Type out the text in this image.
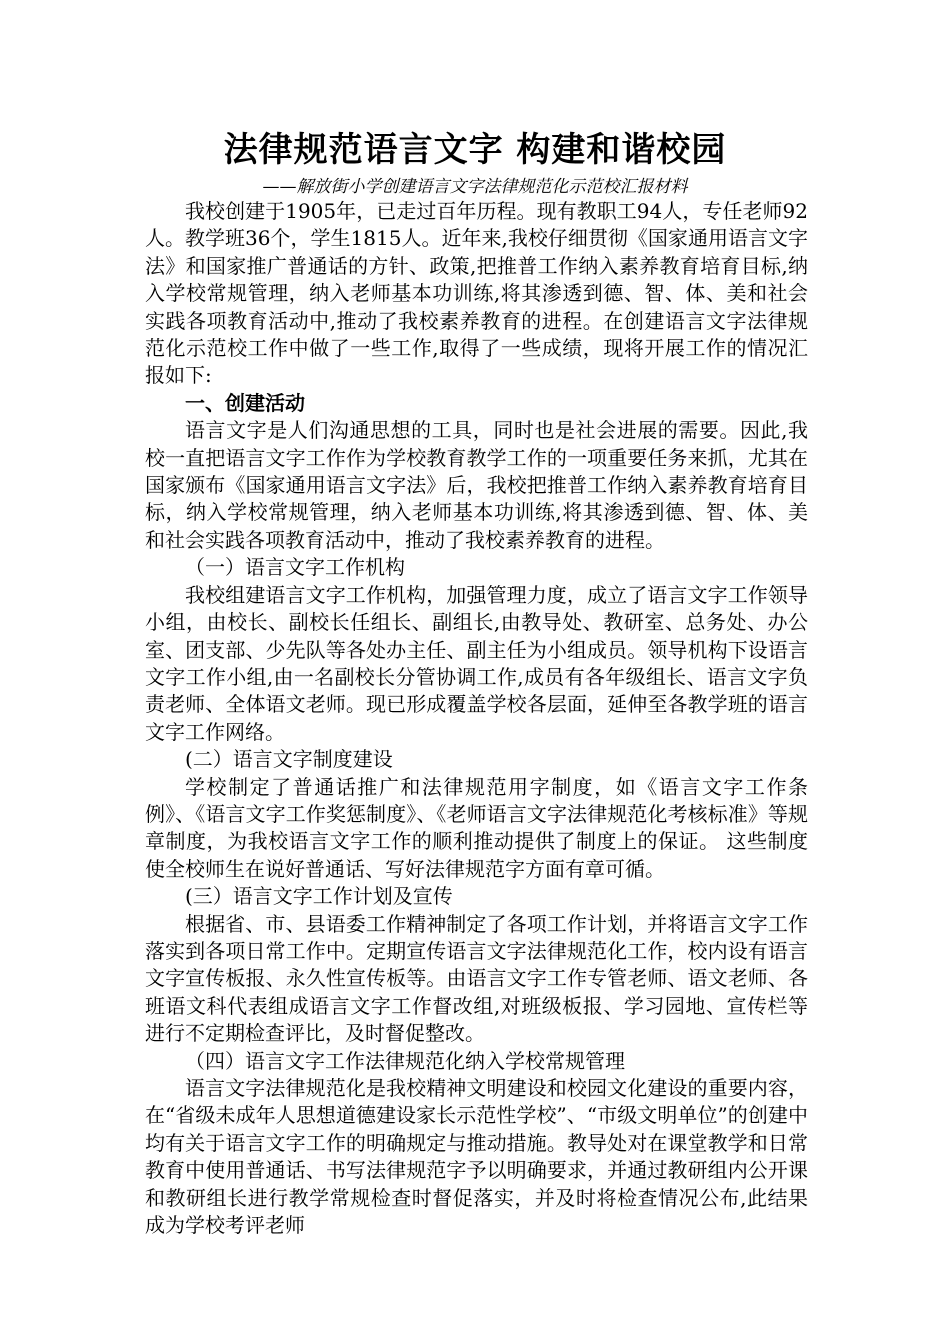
法律规范语言文字 构建和谐校园
——解放街小学创建语言文字法律规范化示范校汇报材料

我校创建于1905年，已走过百年历程。现有教职工94人，专任老师92人。教学班36个，学生1815人。近年来,我校仔细贯彻《国家通用语言文字法》和国家推广普通话的方针、政策,把推普工作纳入素养教育培育目标,纳入学校常规管理，纳入老师基本功训练,将其渗透到德、智、体、美和社会实践各项教育活动中,推动了我校素养教育的进程。在创建语言文字法律规范化示范校工作中做了一些工作,取得了一些成绩，现将开展工作的情况汇报如下:

一、创建活动

语言文字是人们沟通思想的工具，同时也是社会进展的需要。因此,我校一直把语言文字工作作为学校教育教学工作的一项重要任务来抓，尤其在国家颁布《国家通用语言文字法》后，我校把推普工作纳入素养教育培育目标，纳入学校常规管理，纳入老师基本功训练,将其渗透到德、智、体、美和社会实践各项教育活动中，推动了我校素养教育的进程。

（一）语言文字工作机构

我校组建语言文字工作机构，加强管理力度，成立了语言文字工作领导小组，由校长、副校长任组长、副组长,由教导处、教研室、总务处、办公室、团支部、少先队等各处办主任、副主任为小组成员。领导机构下设语言文字工作小组,由一名副校长分管协调工作,成员有各年级组长、语言文字负责老师、全体语文老师。现已形成覆盖学校各层面，延伸至各教学班的语言文字工作网络。

(二）语言文字制度建设

学校制定了普通话推广和法律规范用字制度，如《语言文字工作条例》、《语言文字工作奖惩制度》、《老师语言文字法律规范化考核标准》等规章制度，为我校语言文字工作的顺利推动提供了制度上的保证。 这些制度使全校师生在说好普通话、写好法律规范字方面有章可循。

(三）语言文字工作计划及宣传

根据省、市、县语委工作精神制定了各项工作计划，并将语言文字工作落实到各项日常工作中。定期宣传语言文字法律规范化工作，校内设有语言文字宣传板报、永久性宣传板等。由语言文字工作专管老师、语文老师、各班语文科代表组成语言文字工作督改组,对班级板报、学习园地、宣传栏等进行不定期检查评比，及时督促整改。

（四）语言文字工作法律规范化纳入学校常规管理

语言文字法律规范化是我校精神文明建设和校园文化建设的重要内容，在“省级未成年人思想道德建设家长示范性学校”、“市级文明单位”的创建中均有关于语言文字工作的明确规定与推动措施。教导处对在课堂教学和日常教育中使用普通话、书写法律规范字予以明确要求，并通过教研组内公开课和教研组长进行教学常规检查时督促落实，并及时将检查情况公布,此结果成为学校考评老师
